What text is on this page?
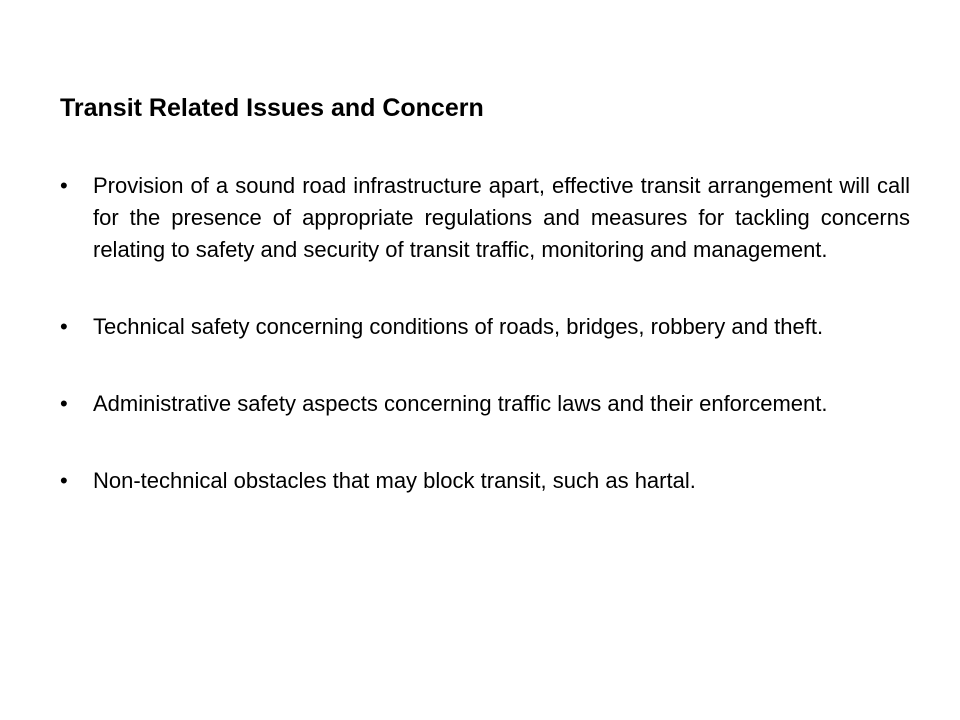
Transit Related Issues and Concern
•	Provision of a sound road infrastructure apart, effective transit arrangement will call for the presence of appropriate regulations and measures for tackling concerns relating to safety and security of transit traffic, monitoring and management.
•	Technical safety concerning conditions of roads, bridges, robbery and theft.
•	Administrative safety aspects concerning traffic laws and their enforcement.
•	Non-technical obstacles that may block transit, such as hartal.
